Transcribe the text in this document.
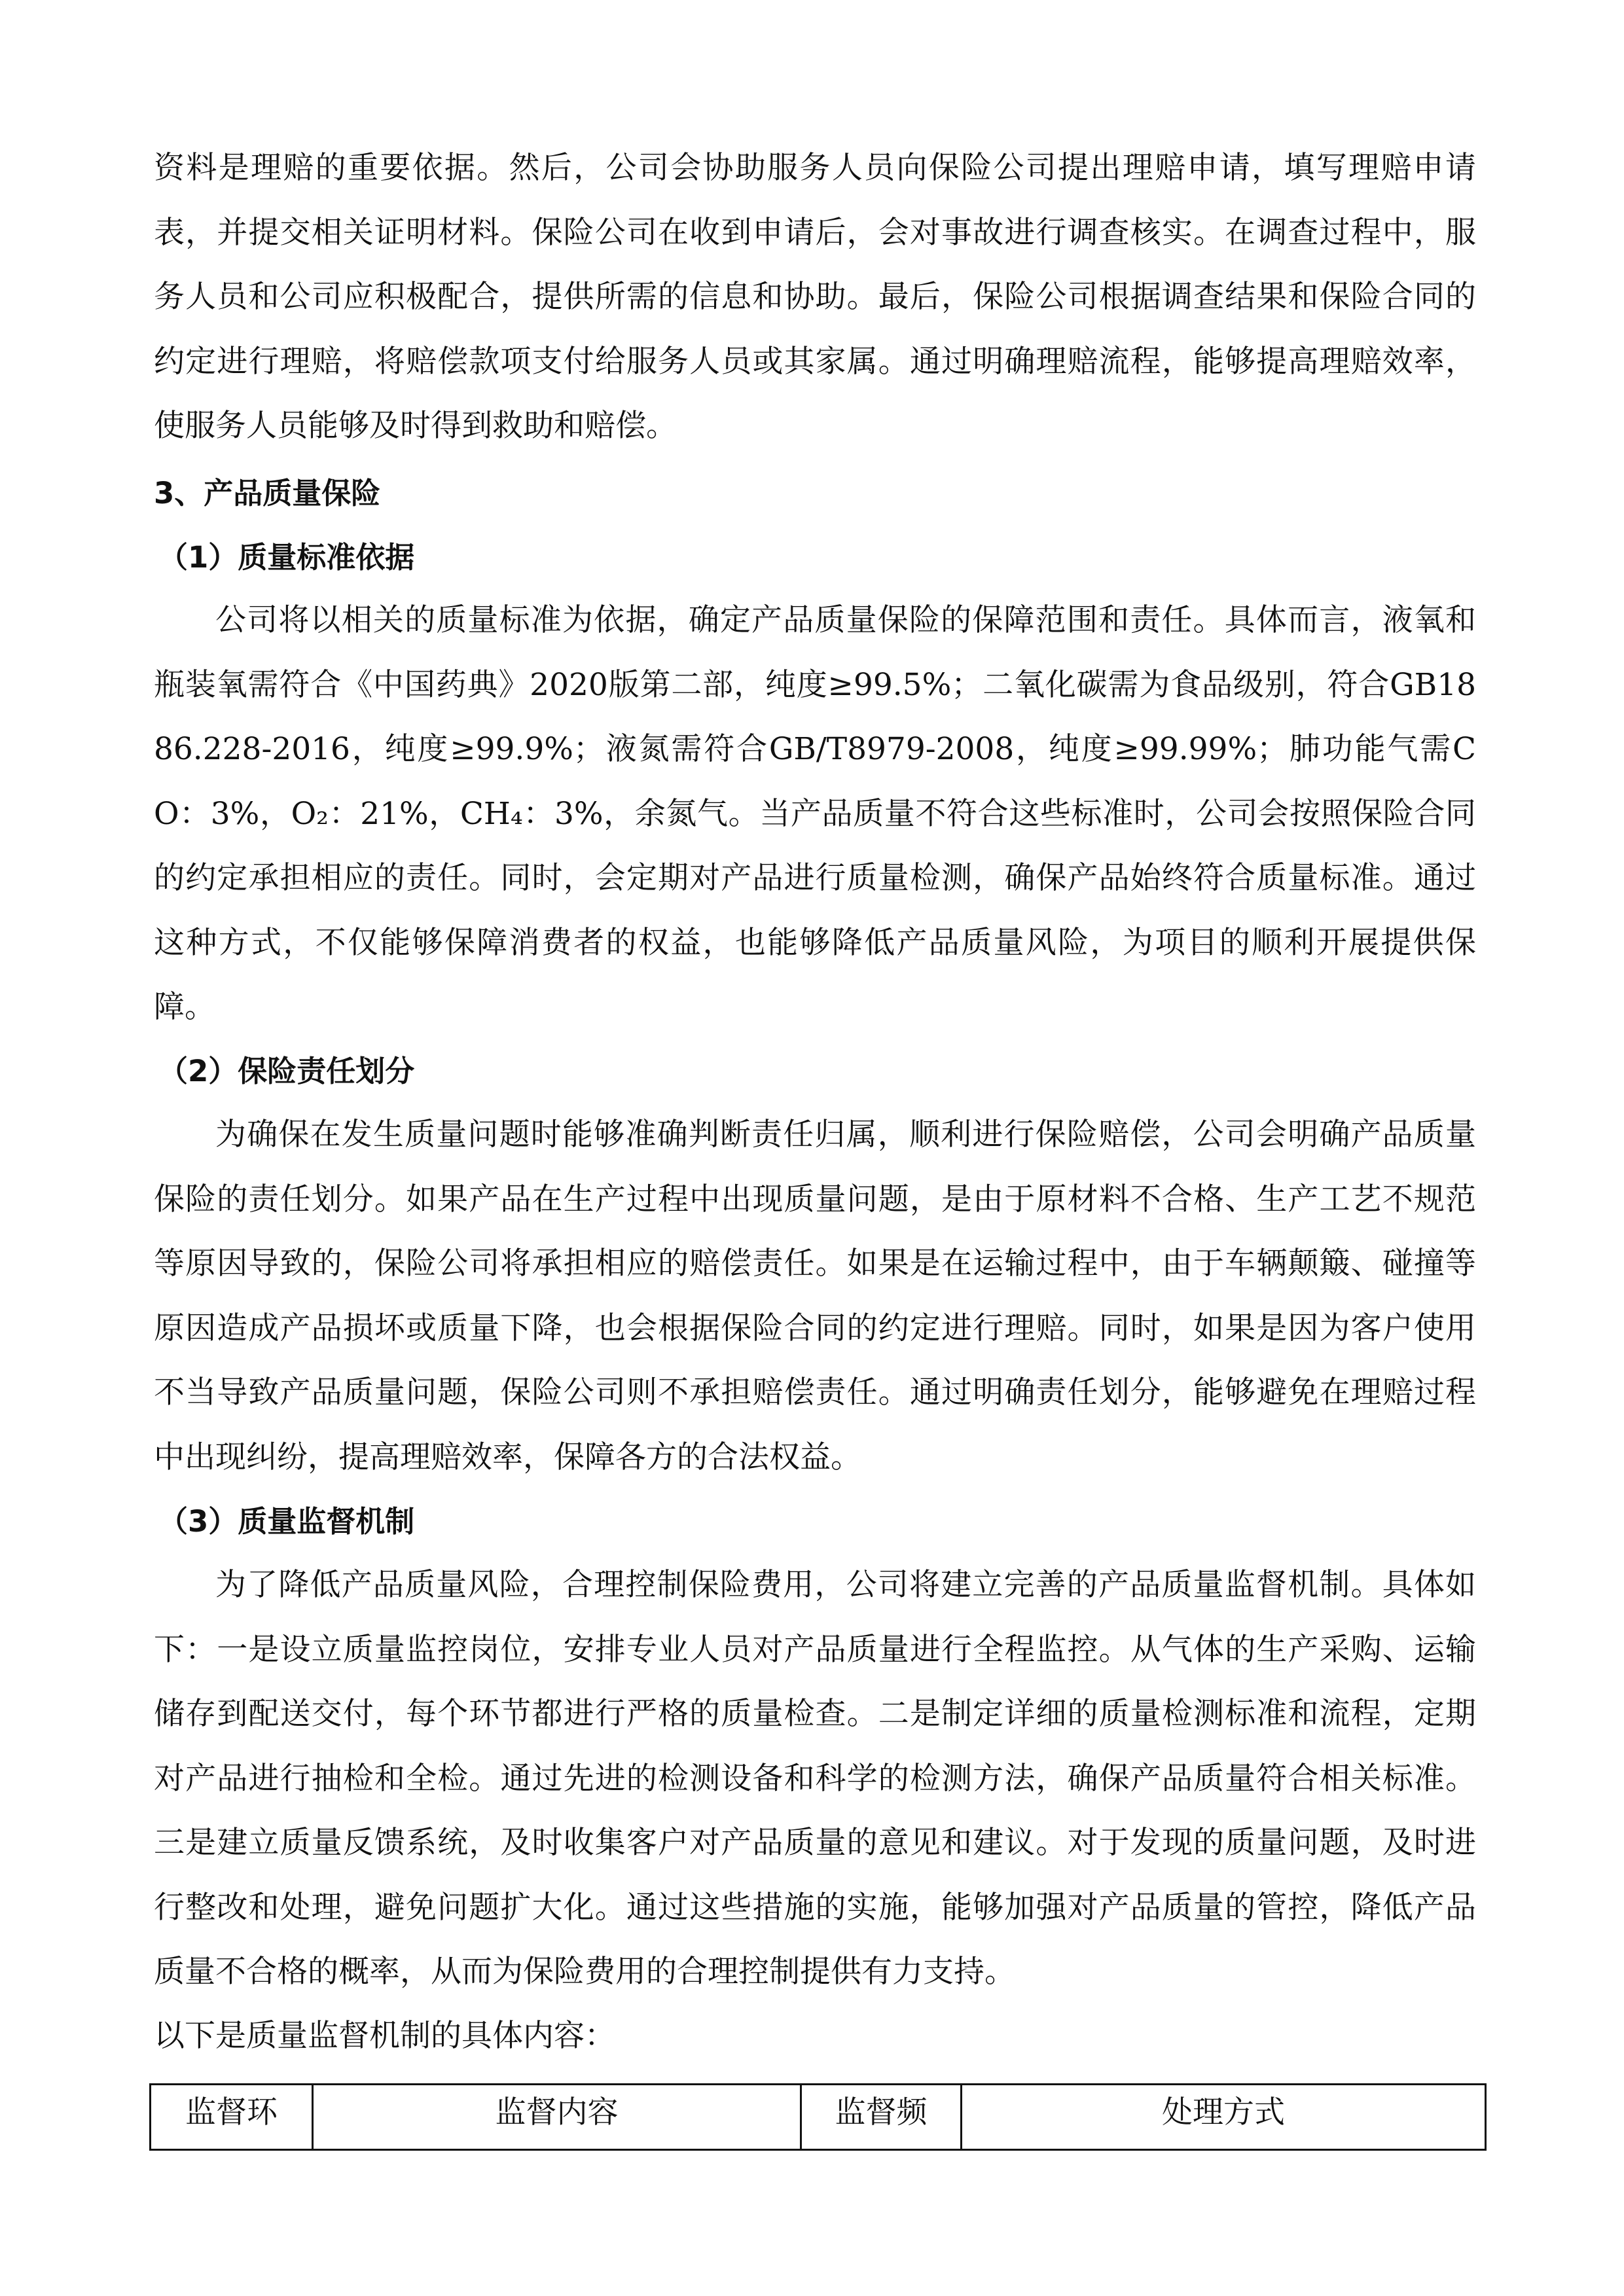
资料是理赔的重要依据。然后，公司会协助服务人员向保险公司提出理赔申请，填写理赔申请表，并提交相关证明材料。保险公司在收到申请后，会对事故进行调查核实。在调查过程中，服务人员和公司应积极配合，提供所需的信息和协助。最后，保险公司根据调查结果和保险合同的约定进行理赔，将赔偿款项支付给服务人员或其家属。通过明确理赔流程，能够提高理赔效率，使服务人员能够及时得到救助和赔偿。

3、产品质量保险
（1）质量标准依据

公司将以相关的质量标准为依据，确定产品质量保险的保障范围和责任。具体而言，液氧和瓶装氧需符合《中国药典》2020版第二部，纯度≥99.5%；二氧化碳需为食品级别，符合GB1886.228-2016，纯度≥99.9%；液氮需符合GB/T8979-2008，纯度≥99.99%；肺功能气需CO：3%，O₂：21%，CH₄：3%，余氮气。当产品质量不符合这些标准时，公司会按照保险合同的约定承担相应的责任。同时，会定期对产品进行质量检测，确保产品始终符合质量标准。通过这种方式，不仅能够保障消费者的权益，也能够降低产品质量风险，为项目的顺利开展提供保障。

（2）保险责任划分

为确保在发生质量问题时能够准确判断责任归属，顺利进行保险赔偿，公司会明确产品质量保险的责任划分。如果产品在生产过程中出现质量问题，是由于原材料不合格、生产工艺不规范等原因导致的，保险公司将承担相应的赔偿责任。如果是在运输过程中，由于车辆颠簸、碰撞等原因造成产品损坏或质量下降，也会根据保险合同的约定进行理赔。同时，如果是因为客户使用不当导致产品质量问题，保险公司则不承担赔偿责任。通过明确责任划分，能够避免在理赔过程中出现纠纷，提高理赔效率，保障各方的合法权益。

（3）质量监督机制

为了降低产品质量风险，合理控制保险费用，公司将建立完善的产品质量监督机制。具体如下：一是设立质量监控岗位，安排专业人员对产品质量进行全程监控。从气体的生产采购、运输储存到配送交付，每个环节都进行严格的质量检查。二是制定详细的质量检测标准和流程，定期对产品进行抽检和全检。通过先进的检测设备和科学的检测方法，确保产品质量符合相关标准。三是建立质量反馈系统，及时收集客户对产品质量的意见和建议。对于发现的质量问题，及时进行整改和处理，避免问题扩大化。通过这些措施的实施，能够加强对产品质量的管控，降低产品质量不合格的概率，从而为保险费用的合理控制提供有力支持。

以下是质量监督机制的具体内容：

监督环	监督内容	监督频	处理方式
